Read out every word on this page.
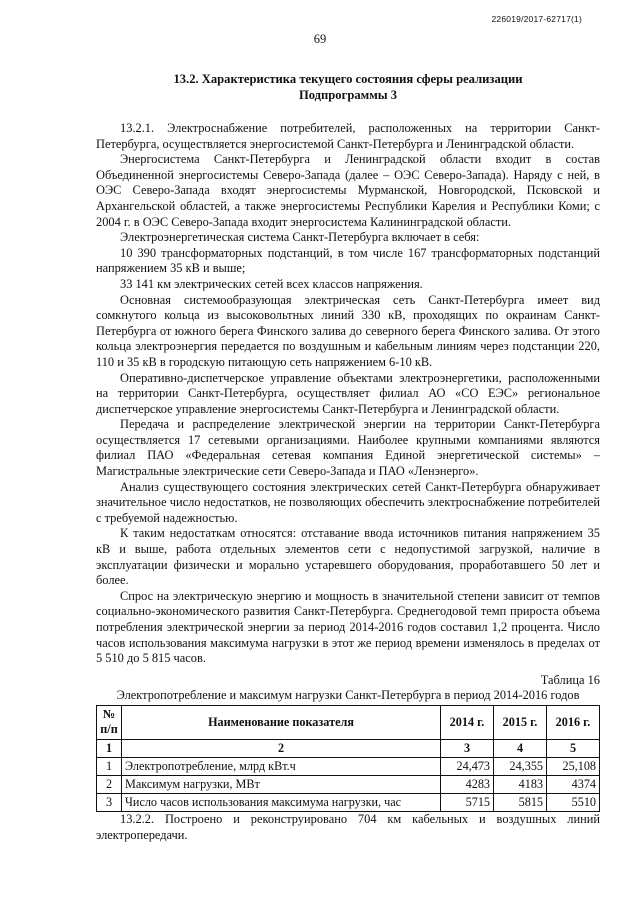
226019/2017-62717(1)
69
13.2. Характеристика текущего состояния сферы реализации
Подпрограммы 3

13.2.1. Электроснабжение потребителей, расположенных на территории Санкт-Петербурга, осуществляется энергосистемой Санкт-Петербурга и Ленинградской области.

Энергосистема Санкт-Петербурга и Ленинградской области входит в состав Объединенной энергосистемы Северо-Запада (далее – ОЭС Северо-Запада). Наряду с ней, в ОЭС Северо-Запада входят энергосистемы Мурманской, Новгородской, Псковской и Архангельской областей, а также энергосистемы Республики Карелия и Республики Коми; с 2004 г. в ОЭС Северо-Запада входит энергосистема Калининградской области.

Электроэнергетическая система Санкт-Петербурга включает в себя:

10 390 трансформаторных подстанций, в том числе 167 трансформаторных подстанций напряжением 35 кВ и выше;

33 141 км электрических сетей всех классов напряжения.

Основная системообразующая электрическая сеть Санкт-Петербурга имеет вид сомкнутого кольца из высоковольтных линий 330 кВ, проходящих по окраинам Санкт-Петербурга от южного берега Финского залива до северного берега Финского залива. От этого кольца электроэнергия передается по воздушным и кабельным линиям через подстанции 220, 110 и 35 кВ в городскую питающую сеть напряжением 6-10 кВ.

Оперативно-диспетчерское управление объектами электроэнергетики, расположенными на территории Санкт-Петербурга, осуществляет филиал АО «СО ЕЭС» региональное диспетчерское управление энергосистемы Санкт-Петербурга и Ленинградской области.

Передача и распределение электрической энергии на территории Санкт-Петербурга осуществляется 17 сетевыми организациями. Наиболее крупными компаниями являются филиал ПАО «Федеральная сетевая компания Единой энергетической системы» – Магистральные электрические сети Северо-Запада и ПАО «Ленэнерго».

Анализ существующего состояния электрических сетей Санкт-Петербурга обнаруживает значительное число недостатков, не позволяющих обеспечить электроснабжение потребителей с требуемой надежностью.

К таким недостаткам относятся: отставание ввода источников питания напряжением 35 кВ и выше, работа отдельных элементов сети с недопустимой загрузкой, наличие в эксплуатации физически и морально устаревшего оборудования, проработавшего 50 лет и более.

Спрос на электрическую энергию и мощность в значительной степени зависит от темпов социально-экономического развития Санкт-Петербурга. Среднегодовой темп прироста объема потребления электрической энергии за период 2014-2016 годов составил 1,2 процента. Число часов использования максимума нагрузки в этот же период времени изменялось в пределах от 5 510 до 5 815 часов.

Таблица 16
Электропотребление и максимум нагрузки Санкт-Петербурга в период 2014-2016 годов
№ п/п	Наименование показателя	2014 г.	2015 г.	2016 г.
1	2	3	4	5
1	Электропотребление, млрд кВт.ч	24,473	24,355	25,108
2	Максимум нагрузки, МВт	4283	4183	4374
3	Число часов использования максимума нагрузки, час	5715	5815	5510

13.2.2. Построено и реконструировано 704 км кабельных и воздушных линий электропередачи.
